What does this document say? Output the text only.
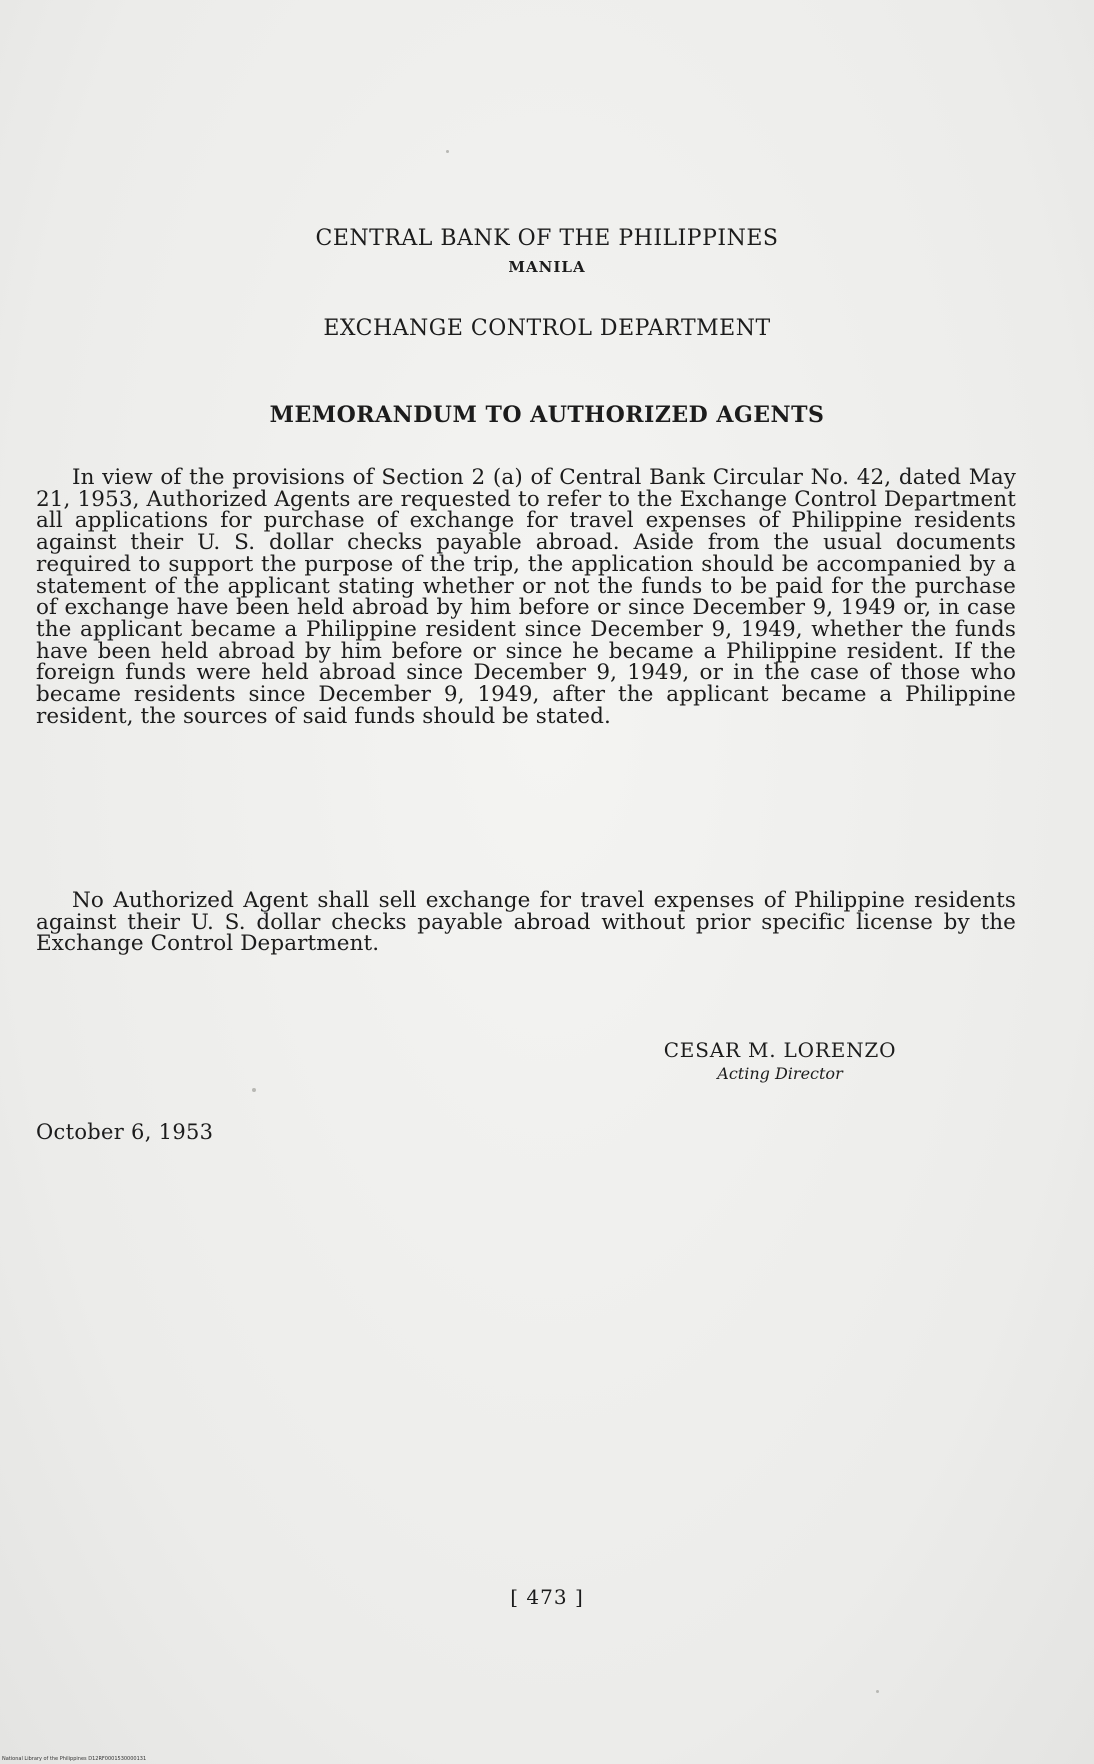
CENTRAL BANK OF THE PHILIPPINES
MANILA
EXCHANGE CONTROL DEPARTMENT
MEMORANDUM TO AUTHORIZED AGENTS

In view of the provisions of Section 2 (a) of Central Bank Circular No. 42, dated May 21, 1953, Authorized Agents are requested to refer to the Exchange Control Department all applications for purchase of exchange for travel expenses of Philippine residents against their U. S. dollar checks payable abroad. Aside from the usual documents required to support the purpose of the trip, the application should be accompanied by a statement of the applicant stating whether or not the funds to be paid for the purchase of exchange have been held abroad by him before or since December 9, 1949 or, in case the applicant became a Philippine resident since December 9, 1949, whether the funds have been held abroad by him before or since he became a Philippine resident. If the foreign funds were held abroad since December 9, 1949, or in the case of those who became residents since December 9, 1949, after the applicant became a Philippine resident, the sources of said funds should be stated.

No Authorized Agent shall sell exchange for travel expenses of Philippine residents against their U. S. dollar checks payable abroad without prior specific license by the Exchange Control Department.

CESAR M. LORENZO
Acting Director
October 6, 1953
[ 473 ]
National Library of the Philippines D12RF0001530000131
